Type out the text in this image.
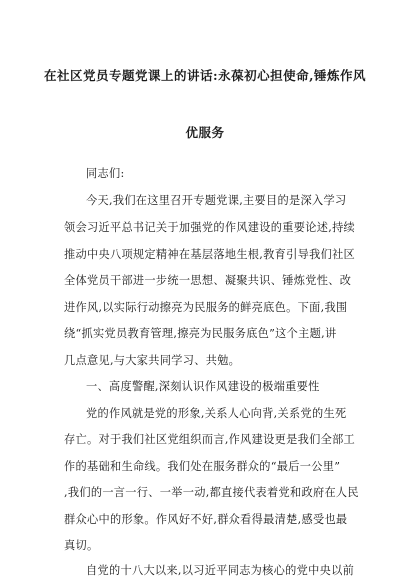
在社区党员专题党课上的讲话:永葆初心担使命,锤炼作风
优服务
同志们:
今天,我们在这里召开专题党课,主要目的是深入学习
领会习近平总书记关于加强党的作风建设的重要论述,持续
推动中央八项规定精神在基层落地生根,教育引导我们社区
全体党员干部进一步统一思想、凝聚共识、锤炼党性、改
进作风,以实际行动擦亮为民服务的鲜亮底色。下面,我围
绕“抓实党员教育管理,擦亮为民服务底色”这个主题,讲
几点意见,与大家共同学习、共勉。
一、高度警醒,深刻认识作风建设的极端重要性
党的作风就是党的形象,关系人心向背,关系党的生死
存亡。对于我们社区党组织而言,作风建设更是我们全部工
作的基础和生命线。我们处在服务群众的“最后一公里”
,我们的一言一行、一举一动,都直接代表着党和政府在人民
群众心中的形象。作风好不好,群众看得最清楚,感受也最
真切。
自党的十八大以来,以习近平同志为核心的党中央以前
